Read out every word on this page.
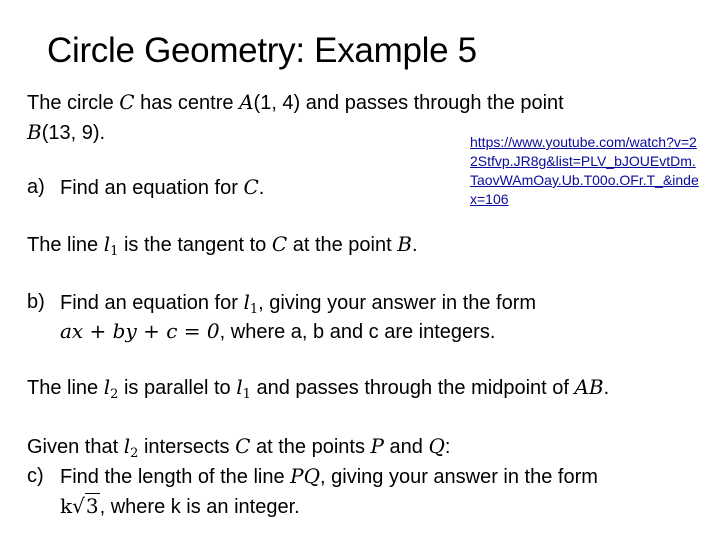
Circle Geometry: Example 5
https://www.youtube.com/watch?v=22Stfvp.JR8g&list=PLV_bJOUEvtDm.TaovWAmOay.Ub.T00o.OFr.T_&index=106
The circle C has centre A(1, 4) and passes through the point
B(13, 9).
a) Find an equation for C.
The line $l_1$ is the tangent to C at the point B.
b) Find an equation for $l_1$, giving your answer in the form
ax + by + c = 0, where a, b and c are integers.
The line $l_2$ is parallel to $l_1$ and passes through the midpoint of AB.
Given that $l_2$ intersects C at the points P and Q:
c) Find the length of the line PQ, giving your answer in the form
k√3, where k is an integer.
